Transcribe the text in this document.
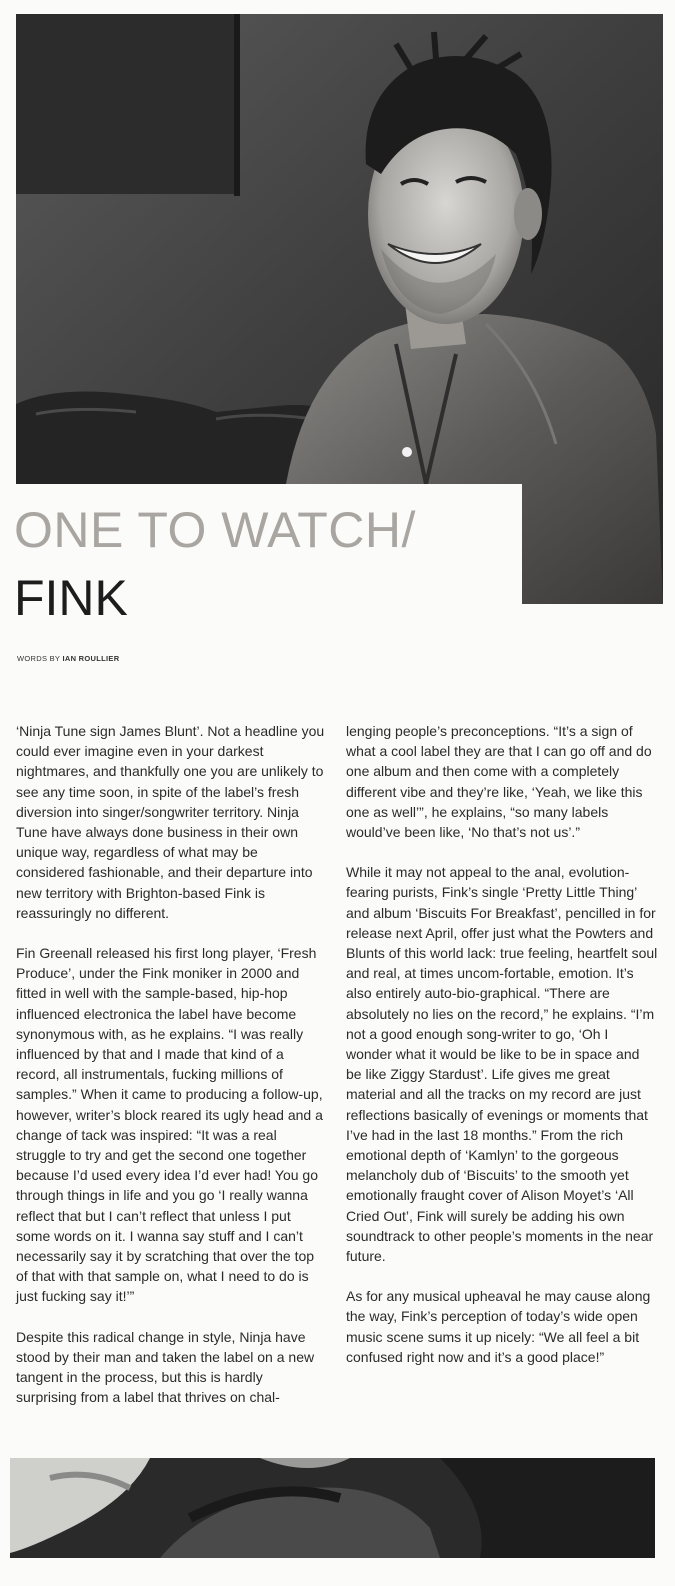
ONE TO WATCH/
FINK
WORDS BY IAN ROULLIER

‘Ninja Tune sign James Blunt’. Not a headline you could ever imagine even in your darkest nightmares, and thankfully one you are unlikely to see any time soon, in spite of the label’s fresh diversion into singer/songwriter territory. Ninja Tune have always done business in their own unique way, regardless of what may be considered fashionable, and their departure into new territory with Brighton-based Fink is reassuringly no different.

Fin Greenall released his first long player, ‘Fresh Produce’, under the Fink moniker in 2000 and fitted in well with the sample-based, hip-hop influenced electronica the label have become synonymous with, as he explains. “I was really influenced by that and I made that kind of a record, all instrumentals, fucking millions of samples.” When it came to producing a follow-up, however, writer’s block reared its ugly head and a change of tack was inspired: “It was a real struggle to try and get the second one together because I’d used every idea I’d ever had! You go through things in life and you go ‘I really wanna reflect that but I can’t reflect that unless I put some words on it. I wanna say stuff and I can’t necessarily say it by scratching that over the top of that with that sample on, what I need to do is just fucking say it!’”

Despite this radical change in style, Ninja have stood by their man and taken the label on a new tangent in the process, but this is hardly surprising from a label that thrives on chal-

lenging people’s preconceptions. “It’s a sign of what a cool label they are that I can go off and do one album and then come with a completely different vibe and they’re like, ‘Yeah, we like this one as well’”, he explains, “so many labels would’ve been like, ‘No that’s not us’.”

While it may not appeal to the anal, evolution-fearing purists, Fink’s single ‘Pretty Little Thing’ and album ‘Biscuits For Breakfast’, pencilled in for release next April, offer just what the Powters and Blunts of this world lack: true feeling, heartfelt soul and real, at times uncom-fortable, emotion. It’s also entirely auto-bio-graphical. “There are absolutely no lies on the record,” he explains. “I’m not a good enough song-writer to go, ‘Oh I wonder what it would be like to be in space and be like Ziggy Stardust’. Life gives me great material and all the tracks on my record are just reflections basically of evenings or moments that I’ve had in the last 18 months.” From the rich emotional depth of ‘Kamlyn’ to the gorgeous melancholy dub of ‘Biscuits’ to the smooth yet emotionally fraught cover of Alison Moyet’s ‘All Cried Out’, Fink will surely be adding his own soundtrack to other people’s moments in the near future.

As for any musical upheaval he may cause along the way, Fink’s perception of today’s wide open music scene sums it up nicely: “We all feel a bit confused right now and it’s a good place!”
